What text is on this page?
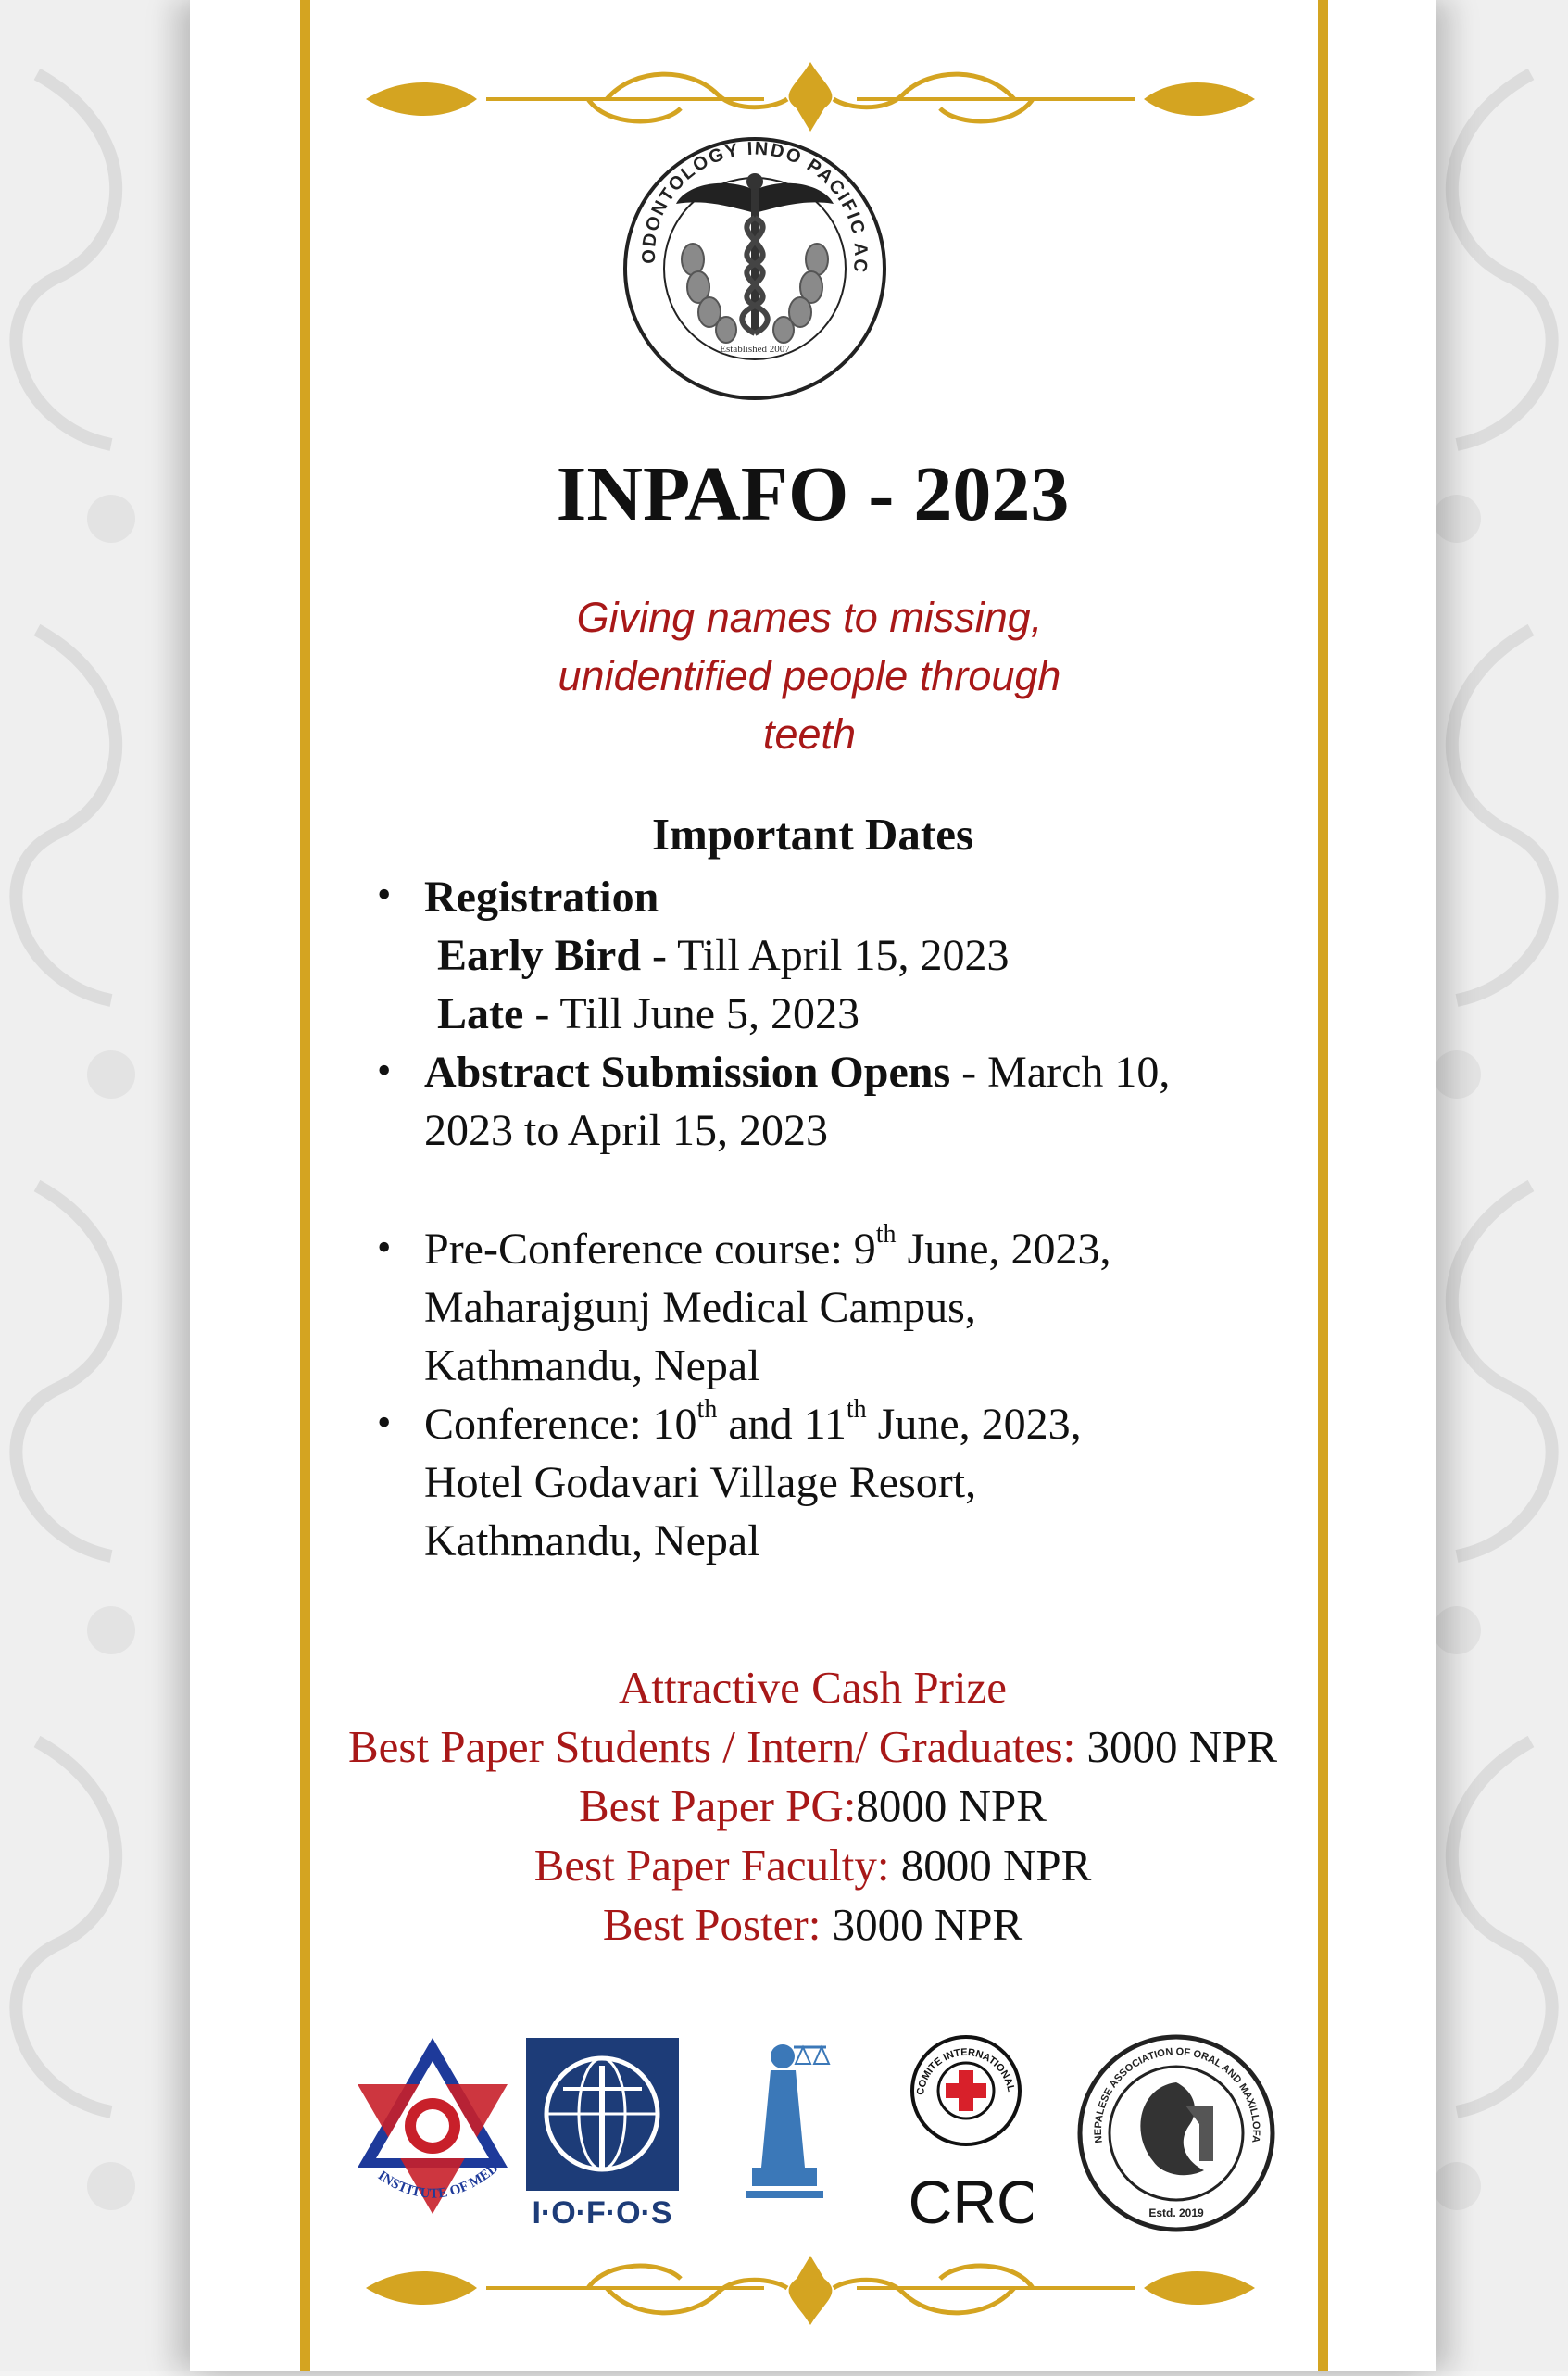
ODONTOLOGY INDO PACIFIC AC
Established 2007
INPAFO - 2023
Giving names to missing,
unidentified people through
teeth
Important Dates
• Registration
Early Bird - Till April 15, 2023
Late - Till June 5, 2023
• Abstract Submission Opens - March 10,
2023 to April 15, 2023
• Pre-Conference course: 9th June, 2023,
Maharajgunj Medical Campus,
Kathmandu, Nepal
• Conference: 10th and 11th June, 2023,
Hotel Godavari Village Resort,
Kathmandu, Nepal
Attractive Cash Prize
Best Paper Students / Intern/ Graduates: 3000 NPR
Best Paper PG:8000 NPR
Best Paper Faculty: 8000 NPR
Best Poster: 3000 NPR
INSTITUTE OF MED
I·O·F·O·S
COMITE INTERNATIONAL
CRC
NEPALESE ASSOCIATION OF ORAL AND MAXILLOFA
Estd. 2019
